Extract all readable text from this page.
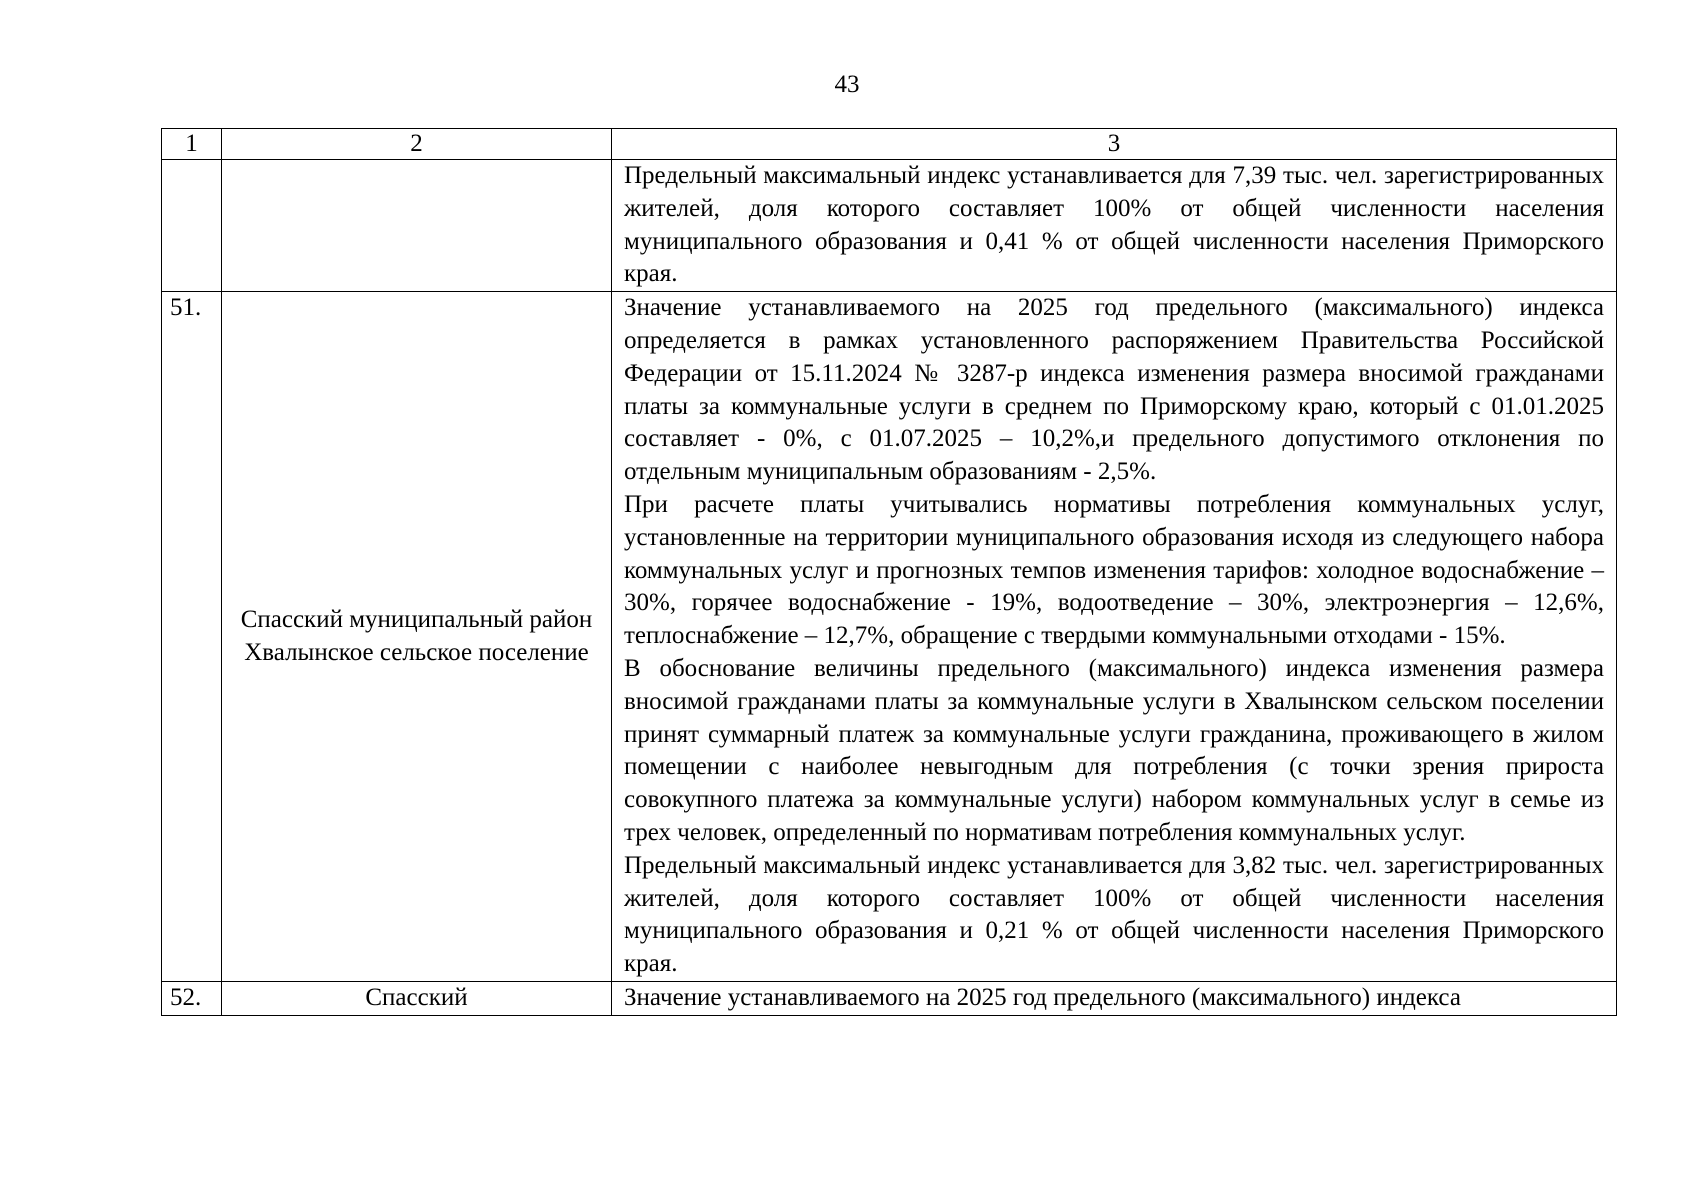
43
1	2	3

		Предельный максимальный индекс устанавливается для 7,39 тыс. чел. зарегистрированных жителей, доля которого составляет 100% от общей численности населения муниципального образования и 0,41 % от общей численности населения Приморского края.

51.	Спасский муниципальный район Хвалынское сельское поселение	Значение устанавливаемого на 2025 год предельного (максимального) индекса определяется в рамках установленного распоряжением Правительства Российской Федерации от 15.11.2024 № 3287-р индекса изменения размера вносимой гражданами платы за коммунальные услуги в среднем по Приморскому краю, который с 01.01.2025 составляет - 0%, с 01.07.2025 – 10,2%,и предельного допустимого отклонения по отдельным муниципальным образованиям - 2,5%.
При расчете платы учитывались нормативы потребления коммунальных услуг, установленные на территории муниципального образования исходя из следующего набора коммунальных услуг и прогнозных темпов изменения тарифов: холодное водоснабжение – 30%, горячее водоснабжение - 19%, водоотведение – 30%, электроэнергия – 12,6%, теплоснабжение – 12,7%, обращение с твердыми коммунальными отходами - 15%.
В обоснование величины предельного (максимального) индекса изменения размера вносимой гражданами платы за коммунальные услуги в Хвалынском сельском поселении принят суммарный платеж за коммунальные услуги гражданина, проживающего в жилом помещении с наиболее невыгодным для потребления (с точки зрения прироста совокупного платежа за коммунальные услуги) набором коммунальных услуг в семье из трех человек, определенный по нормативам потребления коммунальных услуг.
Предельный максимальный индекс устанавливается для 3,82 тыс. чел. зарегистрированных жителей, доля которого составляет 100% от общей численности населения муниципального образования и 0,21 % от общей численности населения Приморского края.

52.	Спасский	Значение устанавливаемого на 2025 год предельного (максимального) индекса
